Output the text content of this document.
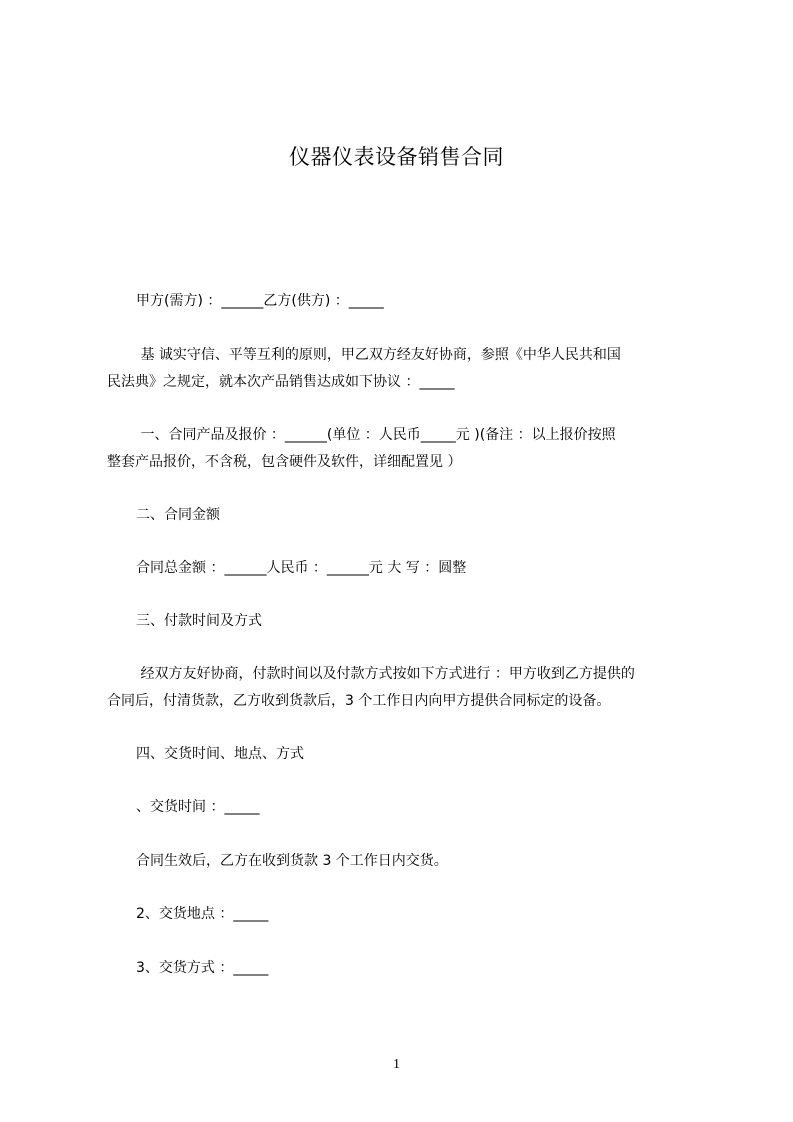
仪器仪表设备销售合同
甲方(需方) ：______乙方(供方) ：_____
基 诚实守信、平等互利的原则，甲乙双方经友好协商，参照《中华人民共和国
民法典》之规定，就本次产品销售达成如下协议 ：_____
一、合同产品及报价 ：______(单位 ：人民币_____元 )(备注 ：以上报价按照
整套产品报价，不含税，包含硬件及软件，详细配置见 ）
二、合同金额
合同总金额 ：______人民币 ：______元 大 写 ：圆整
三、付款时间及方式
经双方友好协商，付款时间以及付款方式按如下方式进行 ：甲方收到乙方提供的
合同后，付清货款，乙方收到货款后，3 个工作日内向甲方提供合同标定的设备。
四、交货时间、地点、方式
、交货时间 ：_____
合同生效后，乙方在收到货款 3 个工作日内交货。
2、交货地点 ：_____
3、交货方式 ：_____
1
